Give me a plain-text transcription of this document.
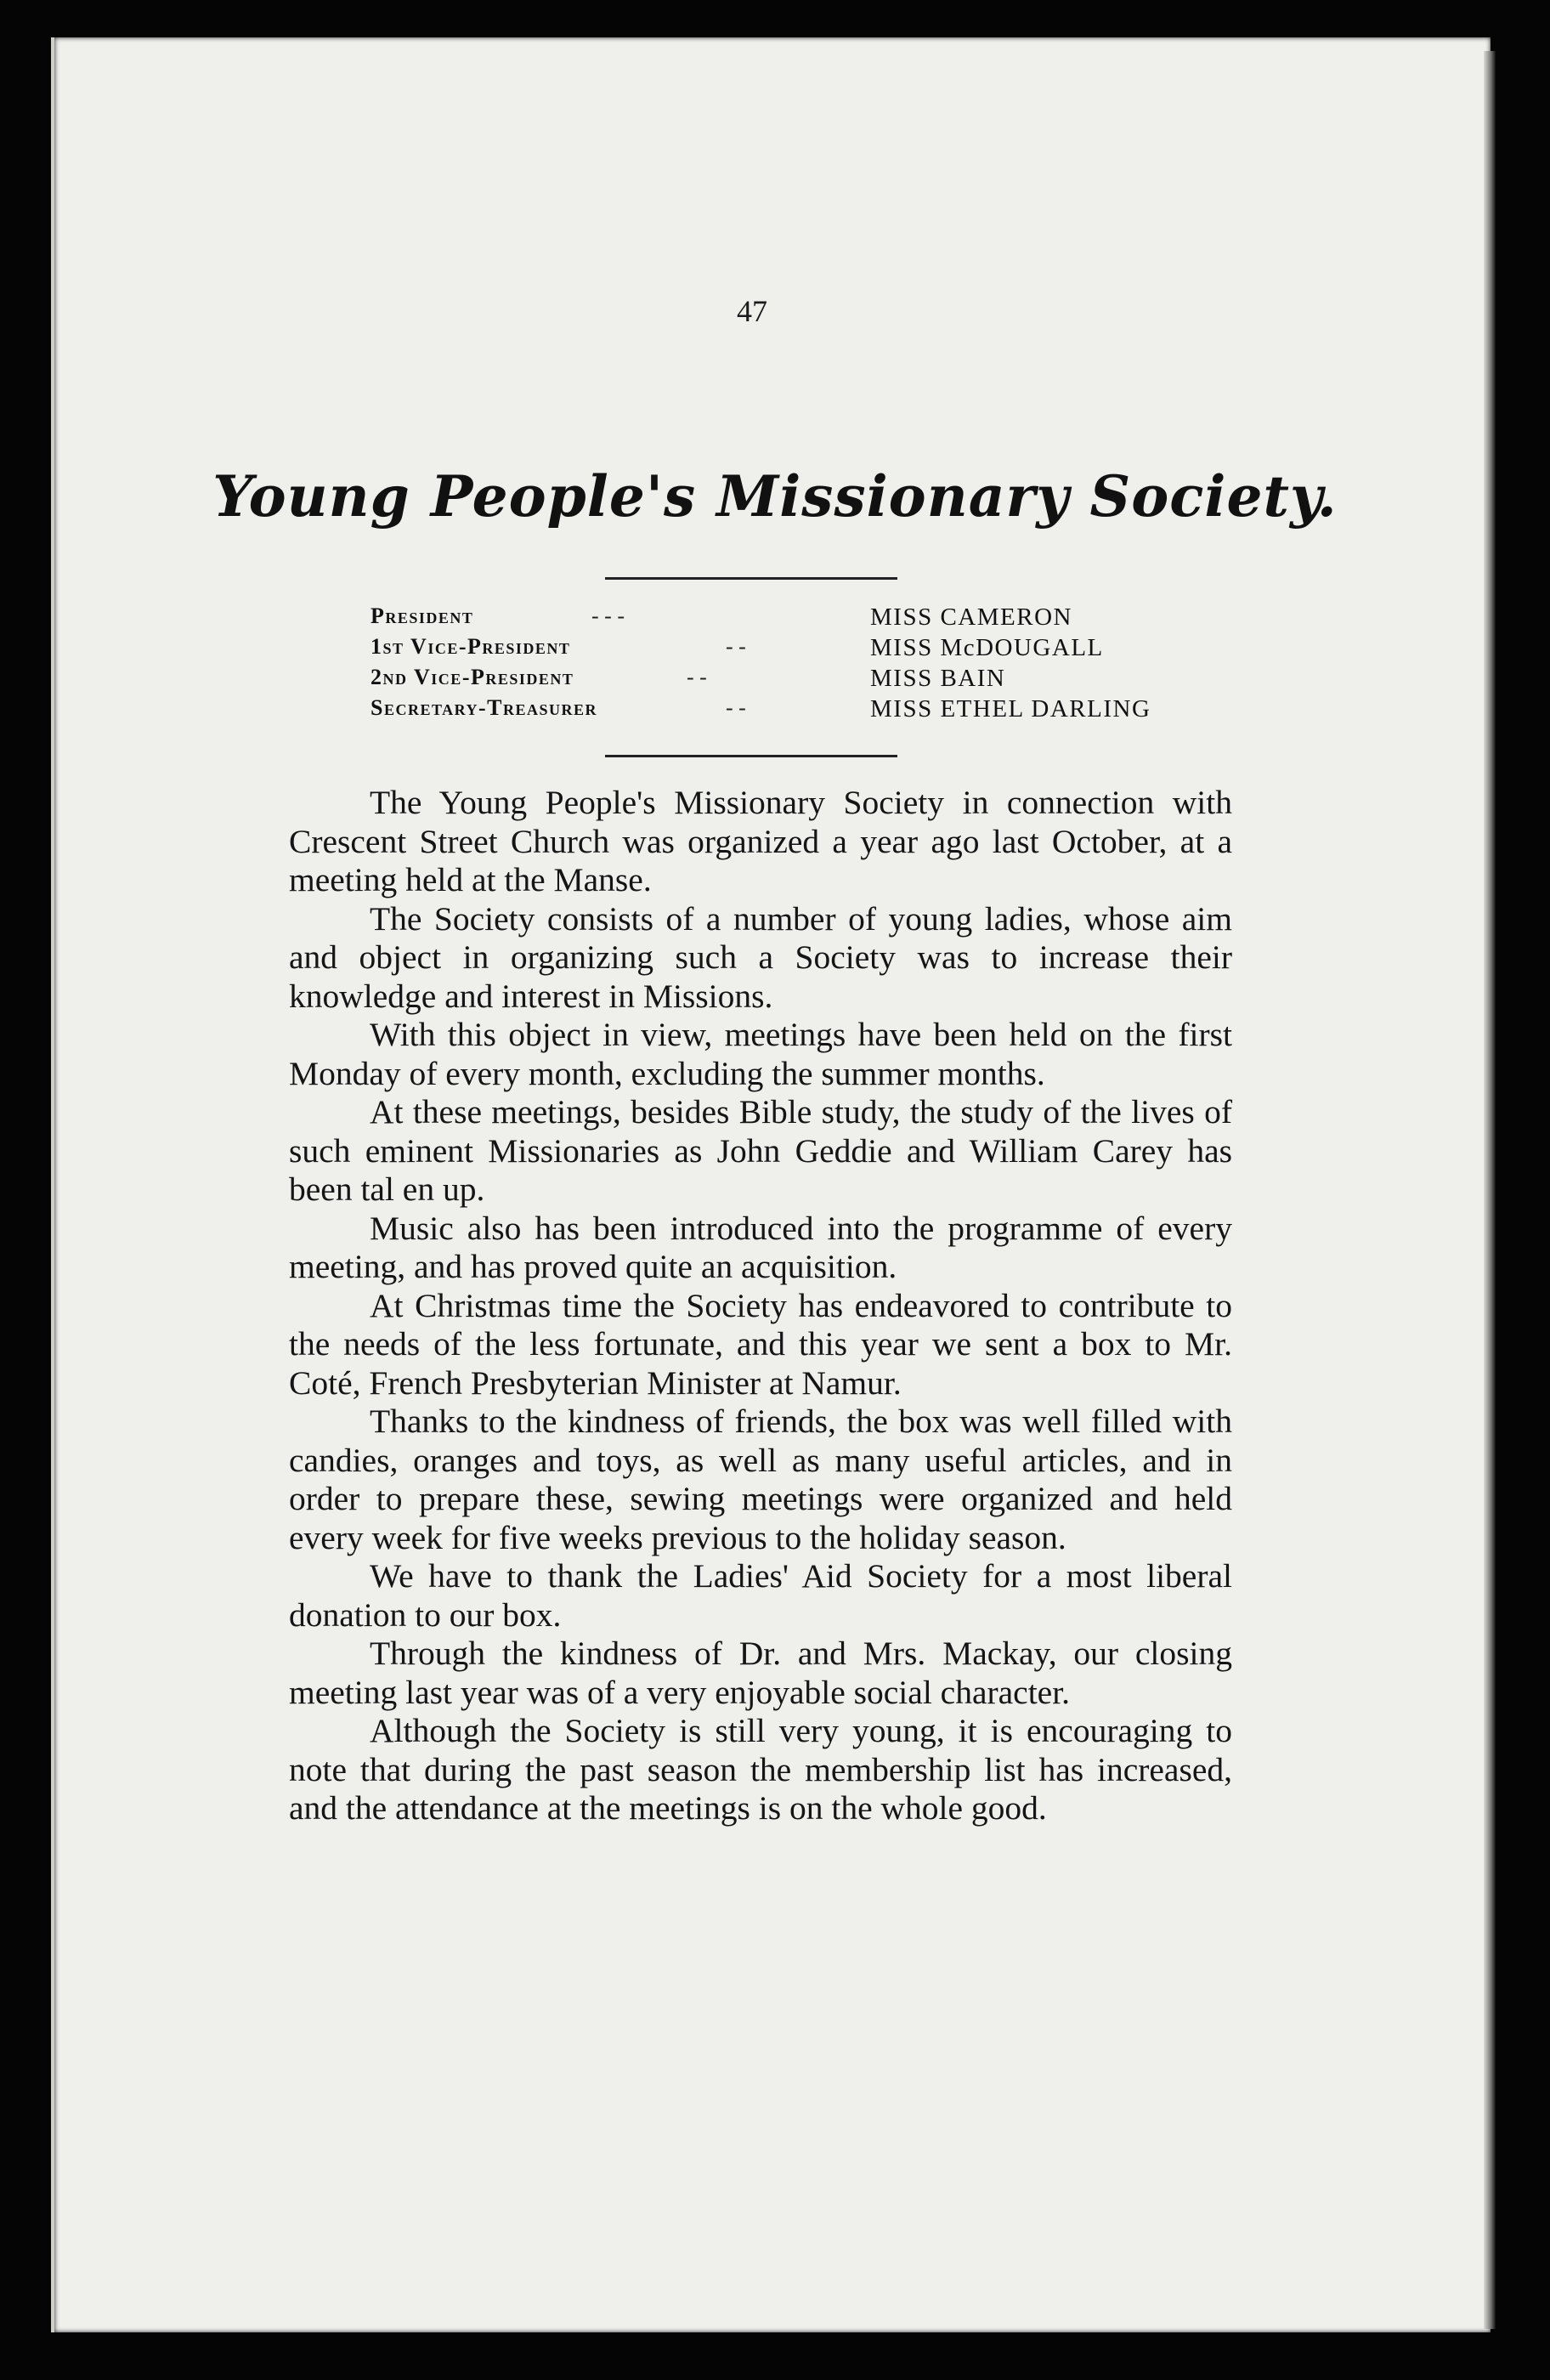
47
Young People's Missionary Society.
President	- - -	MISS CAMERON
1st Vice-President	- -	MISS McDOUGALL
2nd Vice-President	- -	MISS BAIN
Secretary-Treasurer	- -	MISS ETHEL DARLING

The Young People's Missionary Society in connection with Crescent Street Church was organized a year ago last October, at a meeting held at the Manse.

The Society consists of a number of young ladies, whose aim and object in organizing such a Society was to increase their knowledge and interest in Missions.

With this object in view, meetings have been held on the first Monday of every month, excluding the summer months.

At these meetings, besides Bible study, the study of the lives of such eminent Missionaries as John Geddie and William Carey has been tal en up.

Music also has been introduced into the programme of every meeting, and has proved quite an acquisition.

At Christmas time the Society has endeavored to contribute to the needs of the less fortunate, and this year we sent a box to Mr. Coté, French Presbyterian Minister at Namur.

Thanks to the kindness of friends, the box was well filled with candies, oranges and toys, as well as many useful articles, and in order to prepare these, sewing meetings were organized and held every week for five weeks previous to the holiday season.

We have to thank the Ladies' Aid Society for a most liberal donation to our box.

Through the kindness of Dr. and Mrs. Mackay, our closing meeting last year was of a very enjoyable social character.

Although the Society is still very young, it is encouraging to note that during the past season the membership list has increased, and the attendance at the meetings is on the whole good.
